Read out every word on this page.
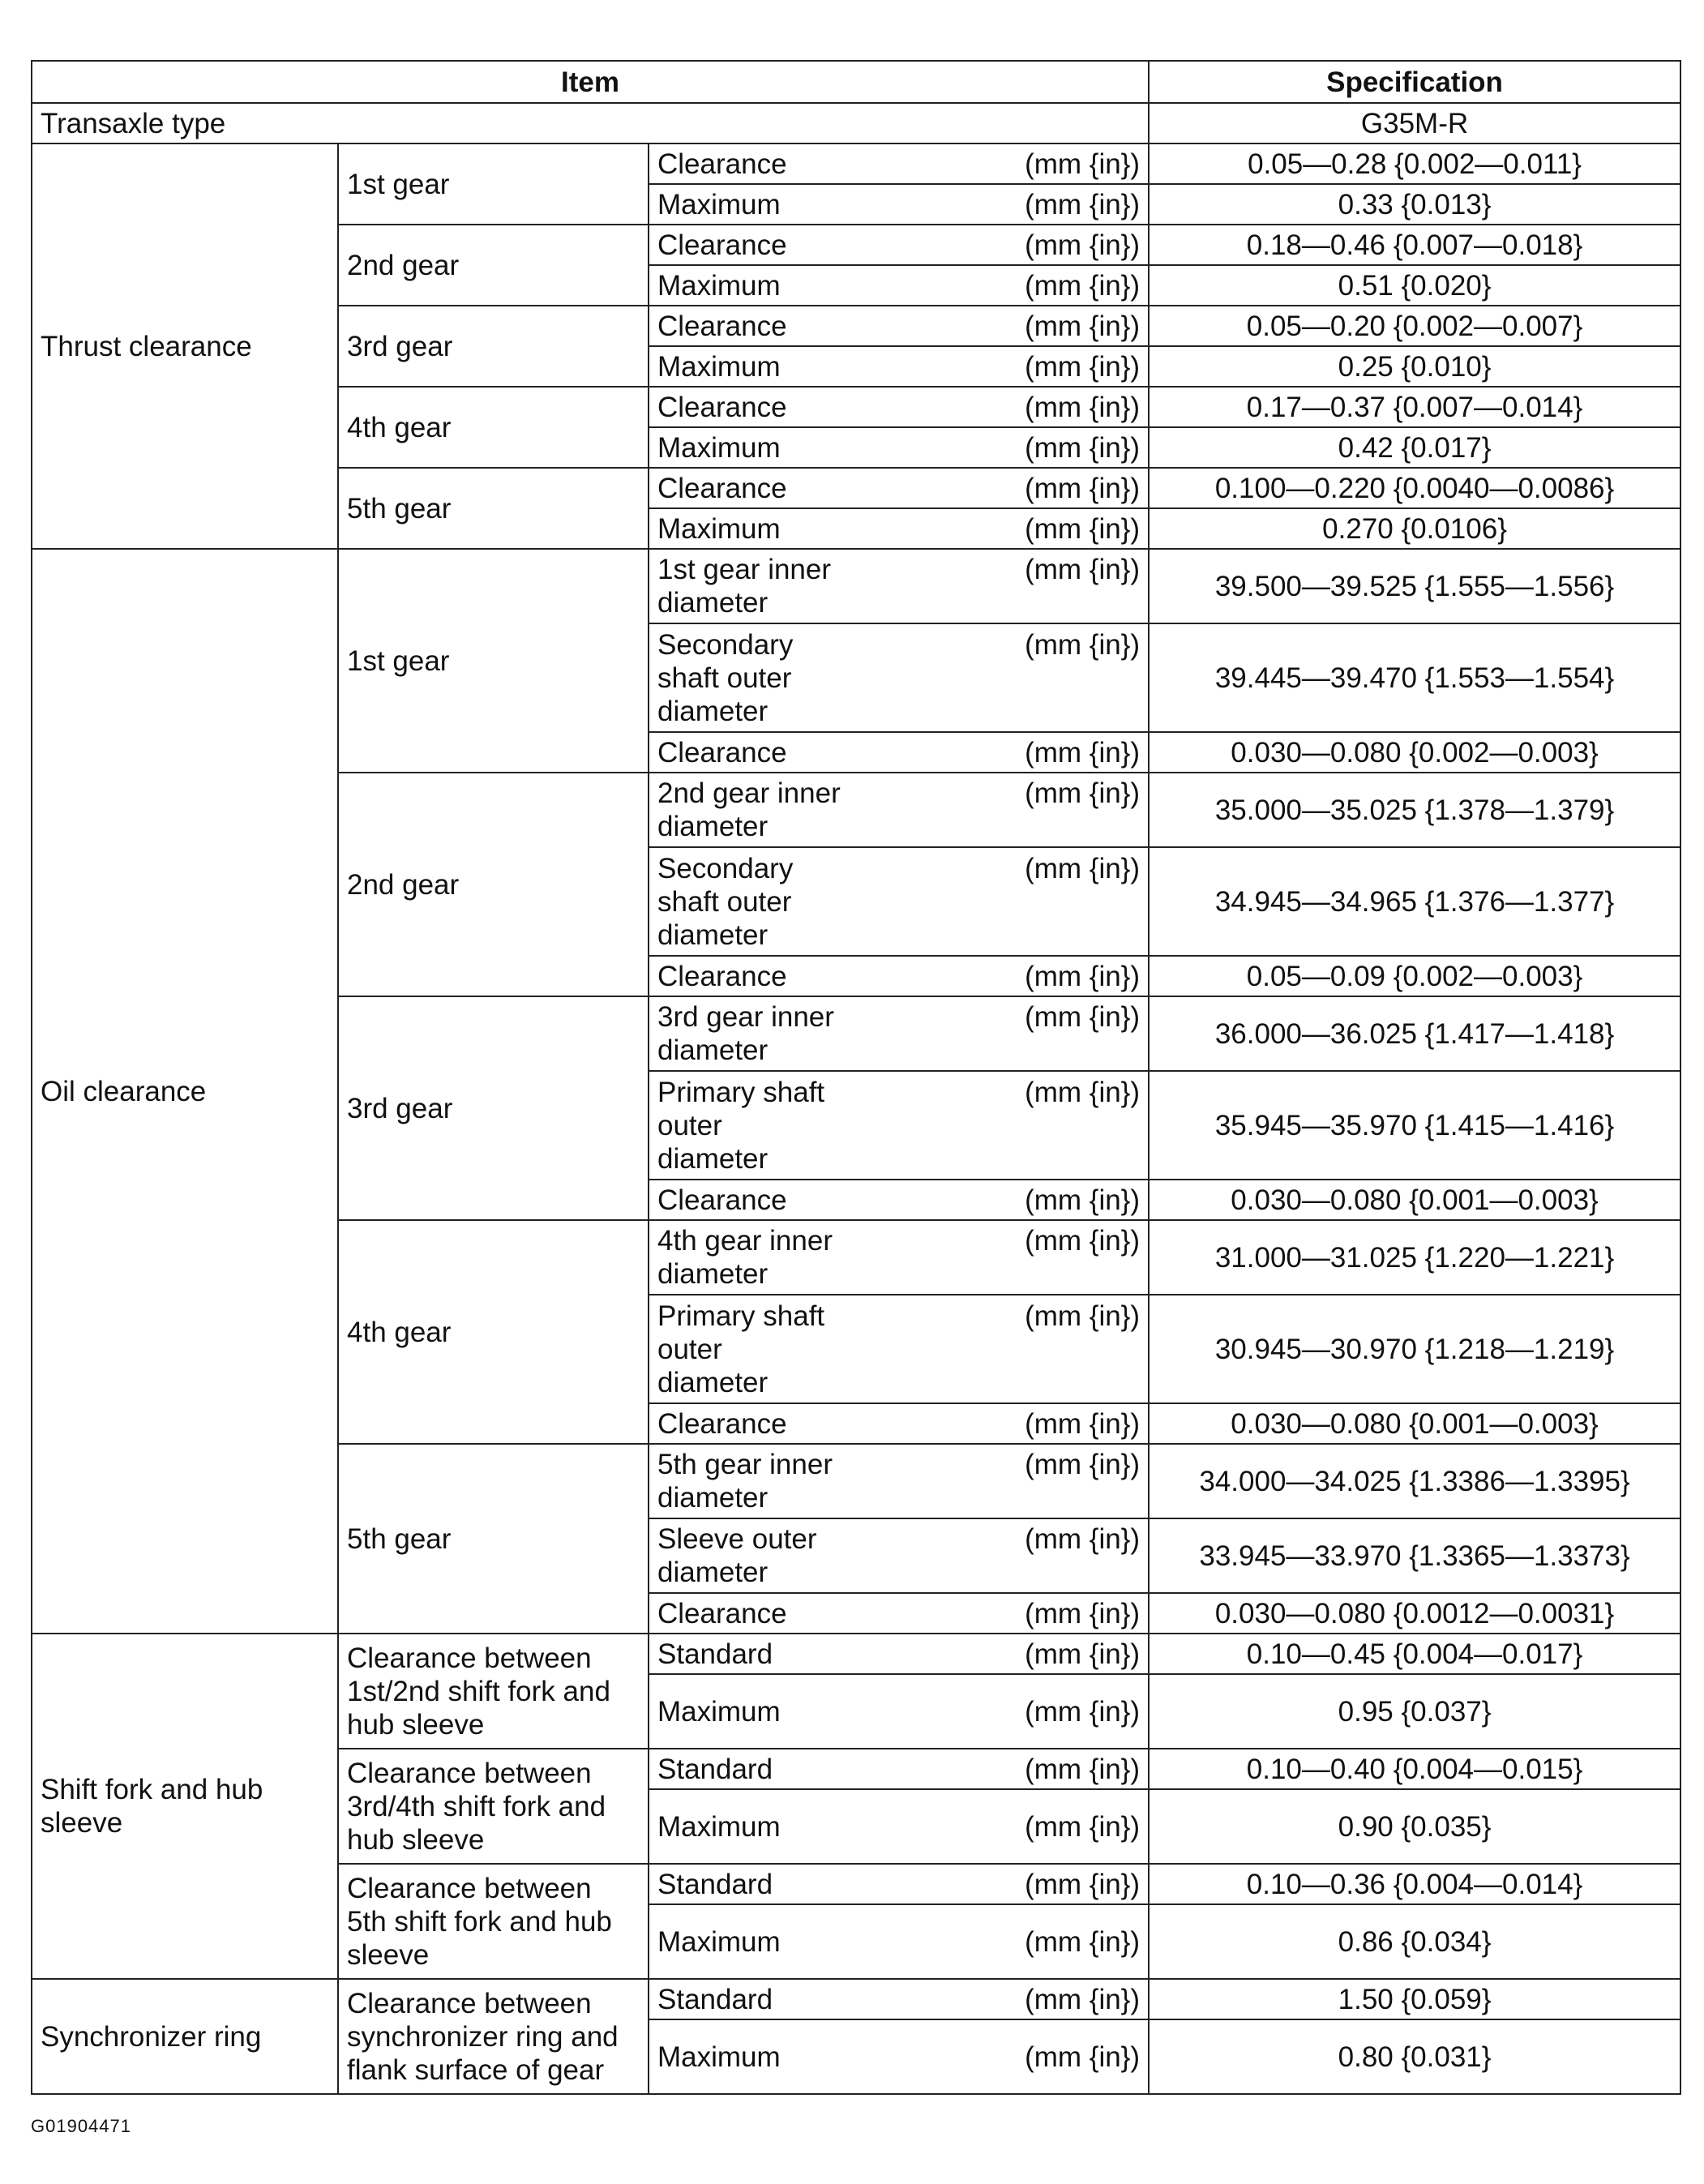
Item			Specification
Transaxle type			G35M-R
Thrust clearance	1st gear	Clearance (mm {in})	0.05—0.28 {0.002—0.011}

		Maximum (mm {in})	0.33 {0.013}
	2nd gear	Clearance (mm {in})	0.18—0.46 {0.007—0.018}

		Maximum (mm {in})	0.51 {0.020}
	3rd gear	Clearance (mm {in})	0.05—0.20 {0.002—0.007}

		Maximum (mm {in})	0.25 {0.010}
	4th gear	Clearance (mm {in})	0.17—0.37 {0.007—0.014}

		Maximum (mm {in})	0.42 {0.017}
	5th gear	Clearance (mm {in})	0.100—0.220 {0.0040—0.0086}

		Maximum (mm {in})	0.270 {0.0106}
Oil clearance	1st gear	1st gear inner
diameter
(mm {in})	39.500—39.525 {1.555—1.556}

		Secondary
shaft outer
diameter
(mm {in})	39.445—39.470 {1.553—1.554}

		Clearance (mm {in})	0.030—0.080 {0.002—0.003}
	2nd gear	2nd gear inner
diameter
(mm {in})	35.000—35.025 {1.378—1.379}

		Secondary
shaft outer
diameter
(mm {in})	34.945—34.965 {1.376—1.377}

		Clearance (mm {in})	0.05—0.09 {0.002—0.003}
	3rd gear	3rd gear inner
diameter
(mm {in})	36.000—36.025 {1.417—1.418}

		Primary shaft
outer
diameter
(mm {in})	35.945—35.970 {1.415—1.416}

		Clearance (mm {in})	0.030—0.080 {0.001—0.003}
	4th gear	4th gear inner
diameter
(mm {in})	31.000—31.025 {1.220—1.221}

		Primary shaft
outer
diameter
(mm {in})	30.945—30.970 {1.218—1.219}

		Clearance (mm {in})	0.030—0.080 {0.001—0.003}
	5th gear	5th gear inner
diameter
(mm {in})	34.000—34.025 {1.3386—1.3395}

		Sleeve outer
diameter
(mm {in})	33.945—33.970 {1.3365—1.3373}

		Clearance (mm {in})	0.030—0.080 {0.0012—0.0031}

Shift fork and hub
sleeve	Clearance between
1st/2nd shift fork and
hub sleeve	Standard (mm {in})	0.10—0.45 {0.004—0.017}

		Maximum (mm {in})	0.95 {0.037}

	Clearance between
3rd/4th shift fork and
hub sleeve	Standard (mm {in})	0.10—0.40 {0.004—0.015}

		Maximum (mm {in})	0.90 {0.035}

	Clearance between
5th shift fork and hub
sleeve	Standard (mm {in})	0.10—0.36 {0.004—0.014}

		Maximum (mm {in})	0.86 {0.034}
Synchronizer ring	Clearance between
synchronizer ring and
flank surface of gear	Standard (mm {in})	1.50 {0.059}

		Maximum (mm {in})	0.80 {0.031}
G01904471
